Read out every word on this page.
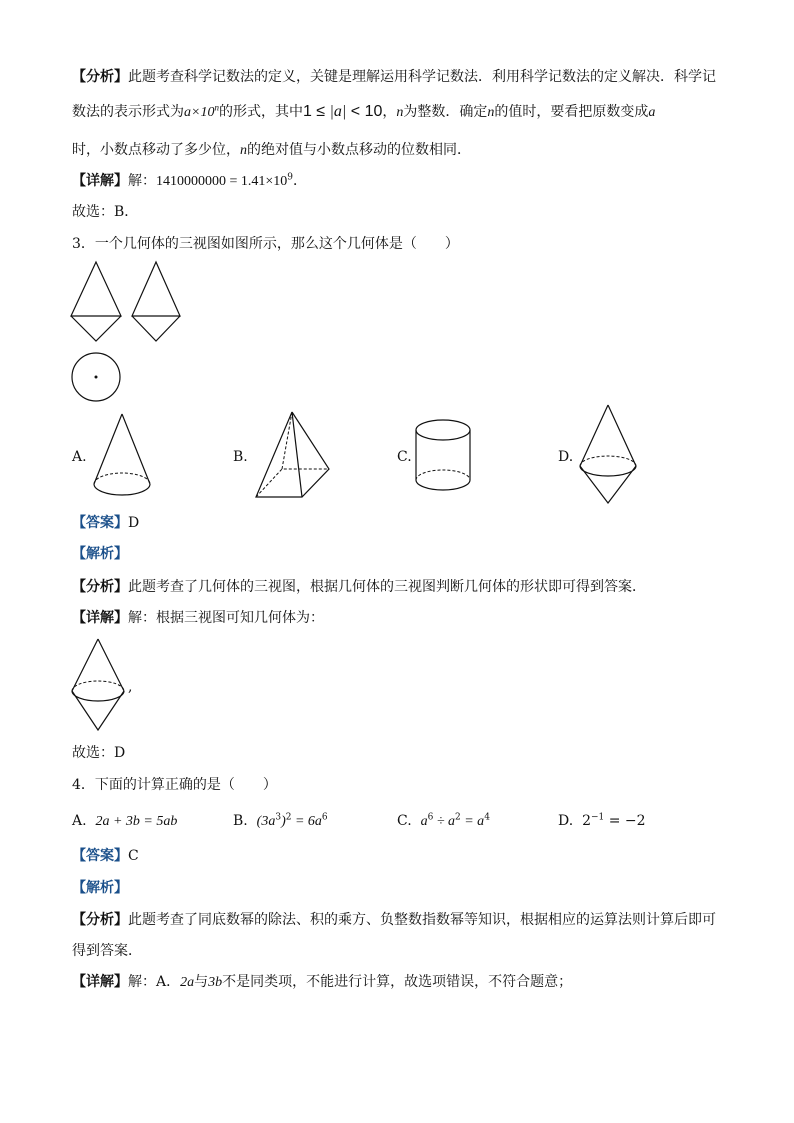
【分析】此题考查科学记数法的定义，关键是理解运用科学记数法．利用科学记数法的定义解决．科学记
数法的表示形式为$a\times 10^n$的形式，其中1 ≤ |a| < 10，n为整数．确定n的值时，要看把原数变成a
时，小数点移动了多少位，n的绝对值与小数点移动的位数相同．
【详解】解：$1410000000 = 1.41\times 10^9$．
故选：B．
3．一个几何体的三视图如图所示，那么这个几何体是（　　）
A.	B.	C.	D.
【答案】D
【解析】
【分析】此题考查了几何体的三视图，根据几何体的三视图判断几何体的形状即可得到答案．
【详解】解：根据三视图可知几何体为：
,
故选：D
4．下面的计算正确的是（　　）
A. 2a + 3b = 5ab	B. $(3a^3)^2 = 6a^6$	C. $a^6 \div a^2 = a^4$	D. $2^{-1} = -2$
【答案】C
【解析】
【分析】此题考查了同底数幂的除法、积的乘方、负整数指数幂等知识，根据相应的运算法则计算后即可
得到答案．
【详解】解：A．2a与3b不是同类项，不能进行计算，故选项错误，不符合题意；
